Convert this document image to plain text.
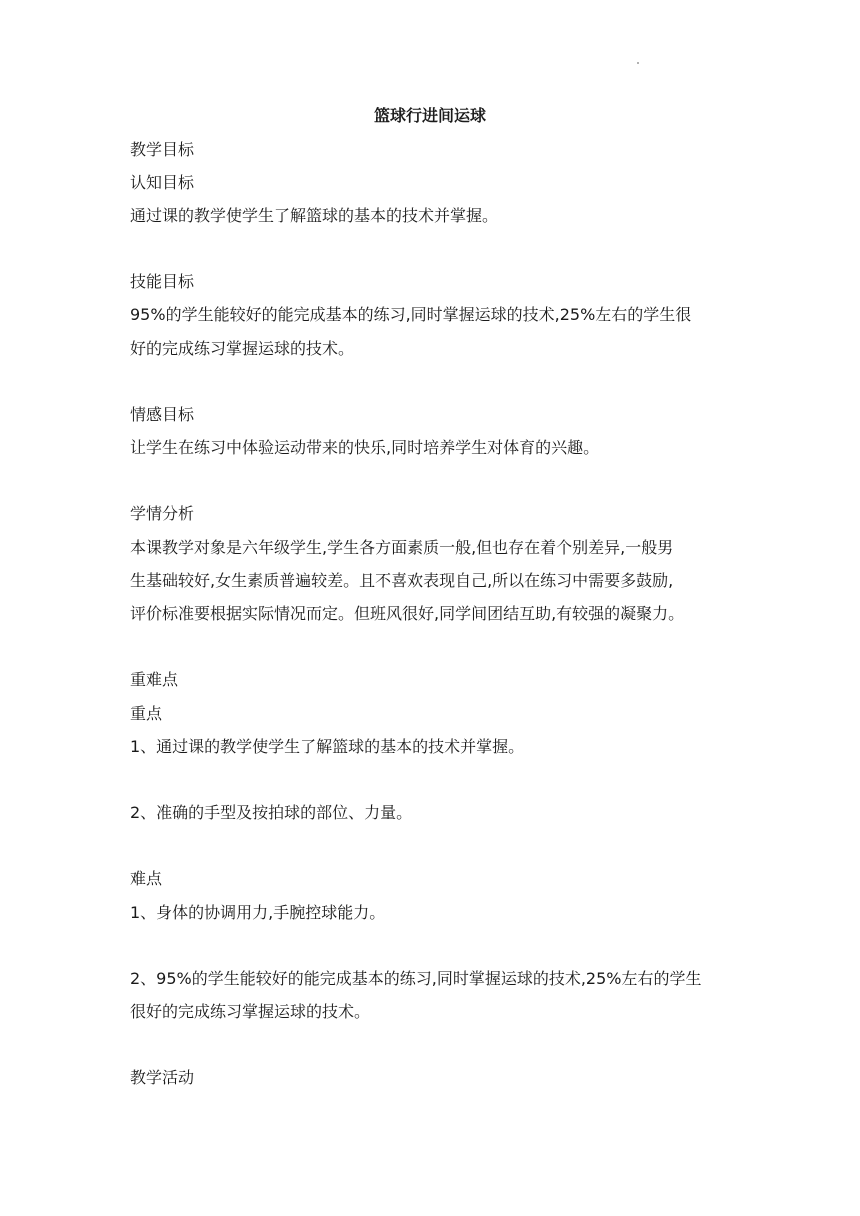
篮球行进间运球
教学目标
认知目标
通过课的教学使学生了解篮球的基本的技术并掌握。
技能目标
95%的学生能较好的能完成基本的练习,同时掌握运球的技术,25%左右的学生很
好的完成练习掌握运球的技术。
情感目标
让学生在练习中体验运动带来的快乐,同时培养学生对体育的兴趣。
学情分析
本课教学对象是六年级学生,学生各方面素质一般,但也存在着个别差异,一般男
生基础较好,女生素质普遍较差。且不喜欢表现自己,所以在练习中需要多鼓励,
评价标准要根据实际情况而定。但班风很好,同学间团结互助,有较强的凝聚力。
重难点
重点
1、通过课的教学使学生了解篮球的基本的技术并掌握。
2、准确的手型及按拍球的部位、力量。
难点
1、身体的协调用力,手腕控球能力。
2、95%的学生能较好的能完成基本的练习,同时掌握运球的技术,25%左右的学生
很好的完成练习掌握运球的技术。
教学活动
